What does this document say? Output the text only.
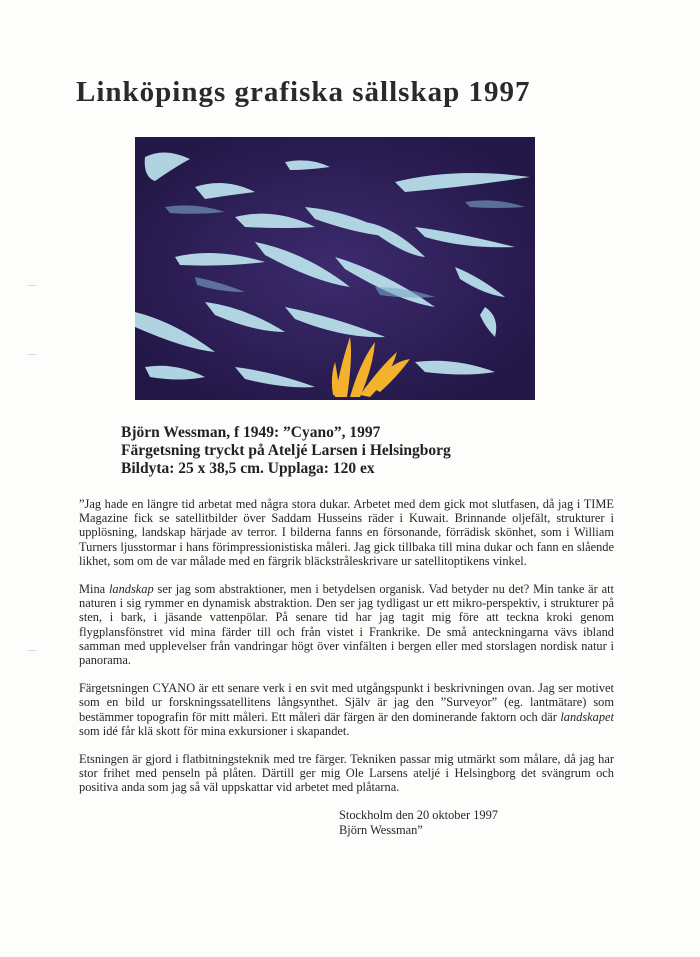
Linköpings grafiska sällskap 1997
Björn Wessman, f 1949: ”Cyano”, 1997
Färgetsning tryckt på Ateljé Larsen i Helsingborg
Bildyta: 25 x 38,5 cm. Upplaga: 120 ex

”Jag hade en längre tid arbetat med några stora dukar. Arbetet med dem gick mot slutfasen, då jag i TIME Magazine fick se satellitbilder över Saddam Husseins räder i Kuwait. Brinnande oljefält, strukturer i upplösning, landskap härjade av terror. I bilderna fanns en försonande, förrädisk skönhet, som i William Turners ljusstormar i hans förimpressionistiska måleri. Jag gick tillbaka till mina dukar och fann en slående likhet, som om de var målade med en färgrik bläckstråleskrivare ur satellitoptikens vinkel.

Mina landskap ser jag som abstraktioner, men i betydelsen organisk. Vad betyder nu det? Min tanke är att naturen i sig rymmer en dynamisk abstraktion. Den ser jag tydligast ur ett mikro-perspektiv, i strukturer på sten, i bark, i jäsande vattenpölar. På senare tid har jag tagit mig före att teckna kroki genom flygplansfönstret vid mina färder till och från vistet i Frankrike. De små anteckningarna vävs ibland samman med upplevelser från vandringar högt över vinfälten i bergen eller med storslagen nordisk natur i panorama.

Färgetsningen CYANO är ett senare verk i en svit med utgångspunkt i beskrivningen ovan. Jag ser motivet som en bild ur forskningssatellitens långsynthet. Själv är jag den ”Surveyor” (eg. lantmätare) som bestämmer topografin för mitt måleri. Ett måleri där färgen är den dominerande faktorn och där landskapet som idé får klä skott för mina exkursioner i skapandet.

Etsningen är gjord i flatbitningsteknik med tre färger. Tekniken passar mig utmärkt som målare, då jag har stor frihet med penseln på plåten. Därtill ger mig Ole Larsens ateljé i Helsingborg det svängrum och positiva anda som jag så väl uppskattar vid arbetet med plåtarna.

Stockholm den 20 oktober 1997
Björn Wessman”
